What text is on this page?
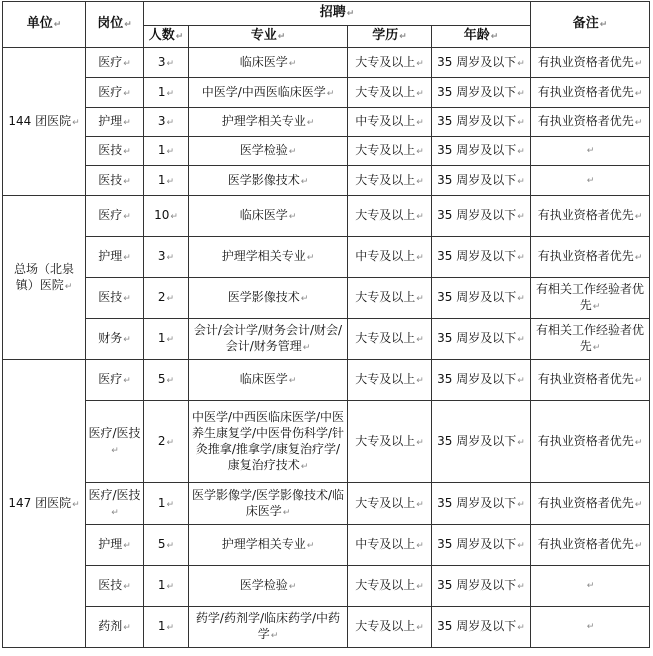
单位↵	岗位↵	招聘↵				备注↵
		人数↵	专业↵	学历↵	年龄↵	
144 团医院↵	医疗↵	3↵	临床医学↵	大专及以上↵	35 周岁及以下↵	有执业资格者优先↵
	医疗↵	1↵	中医学/中西医临床医学↵	大专及以上↵	35 周岁及以下↵	有执业资格者优先↵
	护理↵	3↵	护理学相关专业↵	中专及以上↵	35 周岁及以下↵	有执业资格者优先↵
	医技↵	1↵	医学检验↵	大专及以上↵	35 周岁及以下↵	↵
	医技↵	1↵	医学影像技术↵	大专及以上↵	35 周岁及以下↵	↵
总场（北泉镇）医院↵	医疗↵	10↵	临床医学↵	大专及以上↵	35 周岁及以下↵	有执业资格者优先↵
	护理↵	3↵	护理学相关专业↵	中专及以上↵	35 周岁及以下↵	有执业资格者优先↵
	医技↵	2↵	医学影像技术↵	大专及以上↵	35 周岁及以下↵	有相关工作经验者优先↵
	财务↵	1↵	会计/会计学/财务会计/财会/会计/财务管理↵	大专及以上↵	35 周岁及以下↵	有相关工作经验者优先↵
147 团医院↵	医疗↵	5↵	临床医学↵	大专及以上↵	35 周岁及以下↵	有执业资格者优先↵
	医疗/医技↵	2↵	中医学/中西医临床医学/中医养生康复学/中医骨伤科学/针灸推拿/推拿学/康复治疗学/康复治疗技术↵	大专及以上↵	35 周岁及以下↵	有执业资格者优先↵
	医疗/医技↵	1↵	医学影像学/医学影像技术/临床医学↵	大专及以上↵	35 周岁及以下↵	有执业资格者优先↵
	护理↵	5↵	护理学相关专业↵	中专及以上↵	35 周岁及以下↵	有执业资格者优先↵
	医技↵	1↵	医学检验↵	大专及以上↵	35 周岁及以下↵	↵
	药剂↵	1↵	药学/药剂学/临床药学/中药学↵	大专及以上↵	35 周岁及以下↵	↵
